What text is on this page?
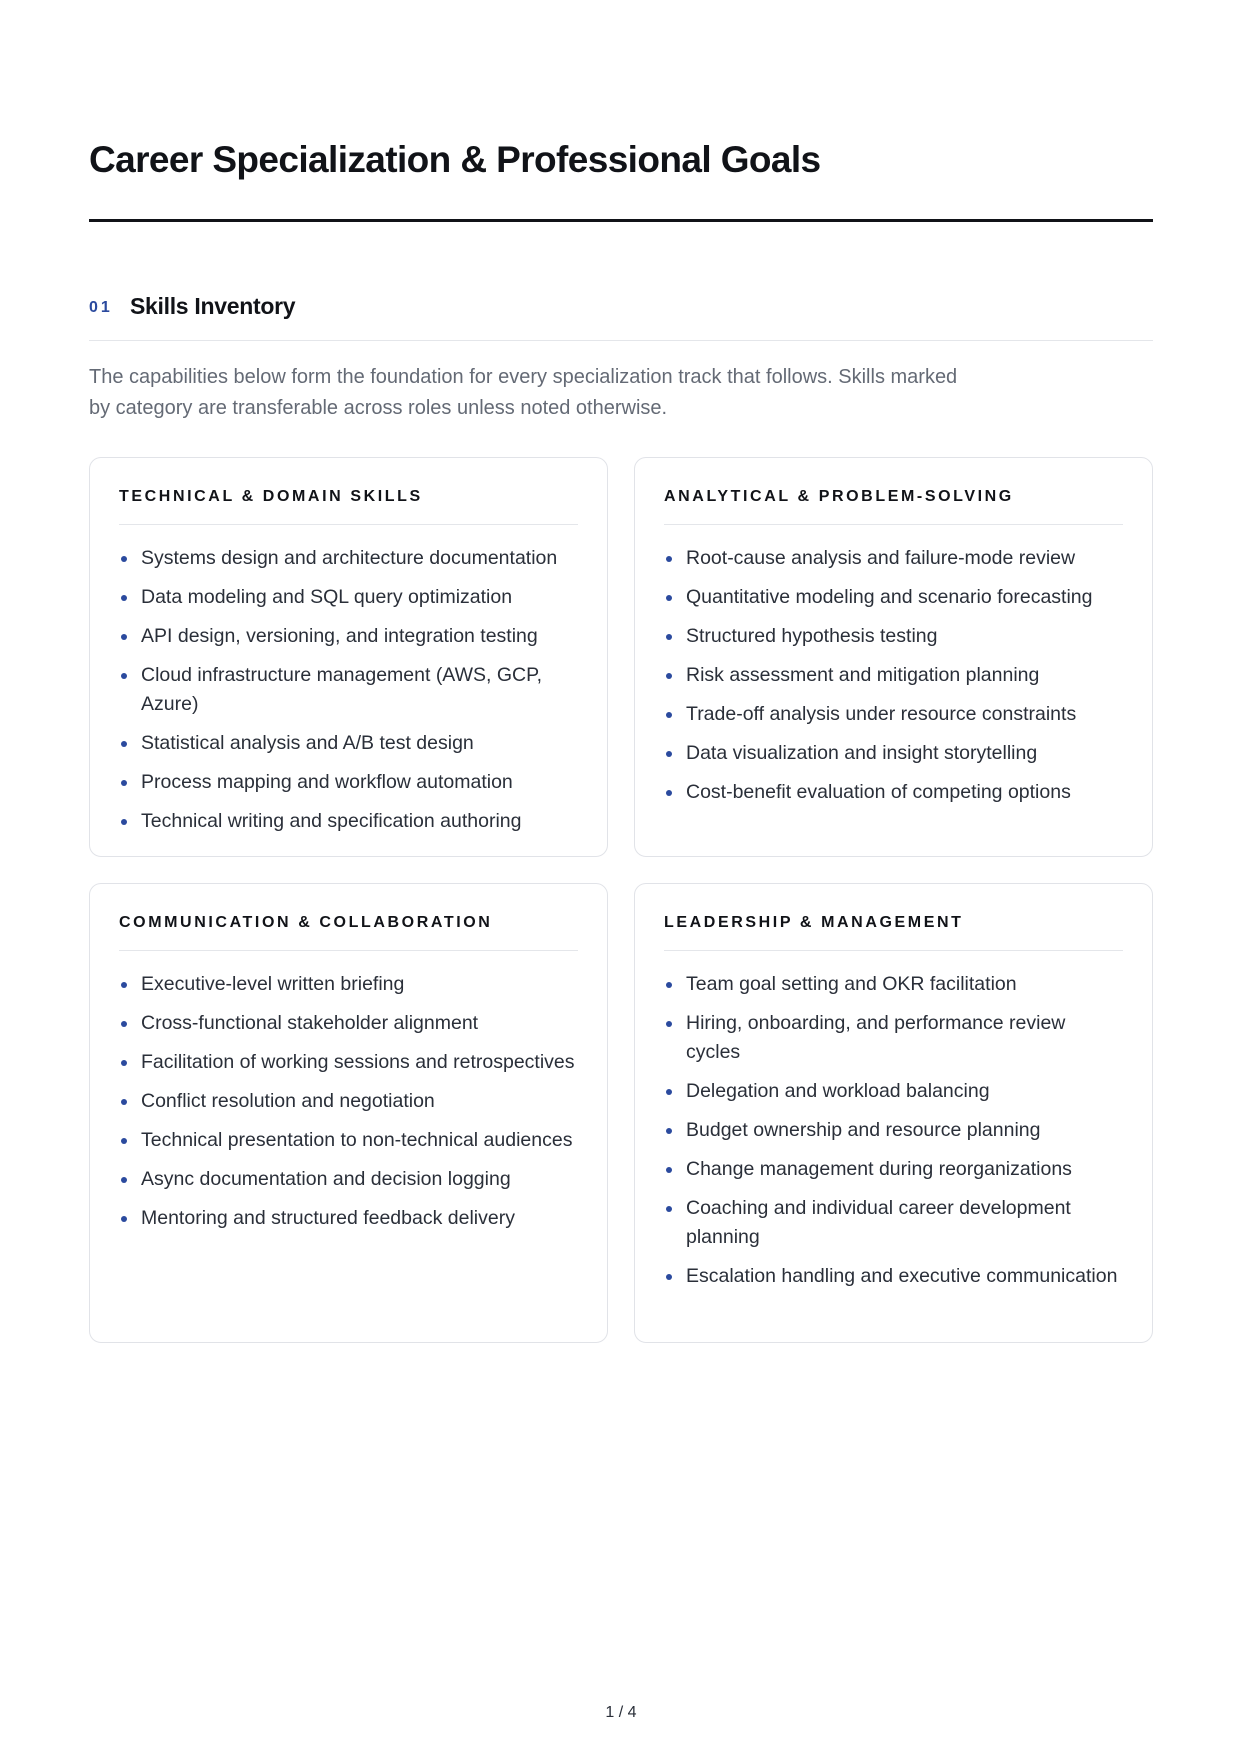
Career Specialization & Professional Goals
01 Skills Inventory

The capabilities below form the foundation for every specialization track that follows. Skills marked by category are transferable across roles unless noted otherwise.

TECHNICAL & DOMAIN SKILLS
Systems design and architecture documentation
Data modeling and SQL query optimization
API design, versioning, and integration testing
Cloud infrastructure management (AWS, GCP, Azure)
Statistical analysis and A/B test design
Process mapping and workflow automation
Technical writing and specification authoring
ANALYTICAL & PROBLEM-SOLVING
Root-cause analysis and failure-mode review
Quantitative modeling and scenario forecasting
Structured hypothesis testing
Risk assessment and mitigation planning
Trade-off analysis under resource constraints
Data visualization and insight storytelling
Cost-benefit evaluation of competing options
COMMUNICATION & COLLABORATION
Executive-level written briefing
Cross-functional stakeholder alignment
Facilitation of working sessions and retrospectives
Conflict resolution and negotiation
Technical presentation to non-technical audiences
Async documentation and decision logging
Mentoring and structured feedback delivery
LEADERSHIP & MANAGEMENT
Team goal setting and OKR facilitation
Hiring, onboarding, and performance review cycles
Delegation and workload balancing
Budget ownership and resource planning
Change management during reorganizations
Coaching and individual career development planning
Escalation handling and executive communication
1 / 4
